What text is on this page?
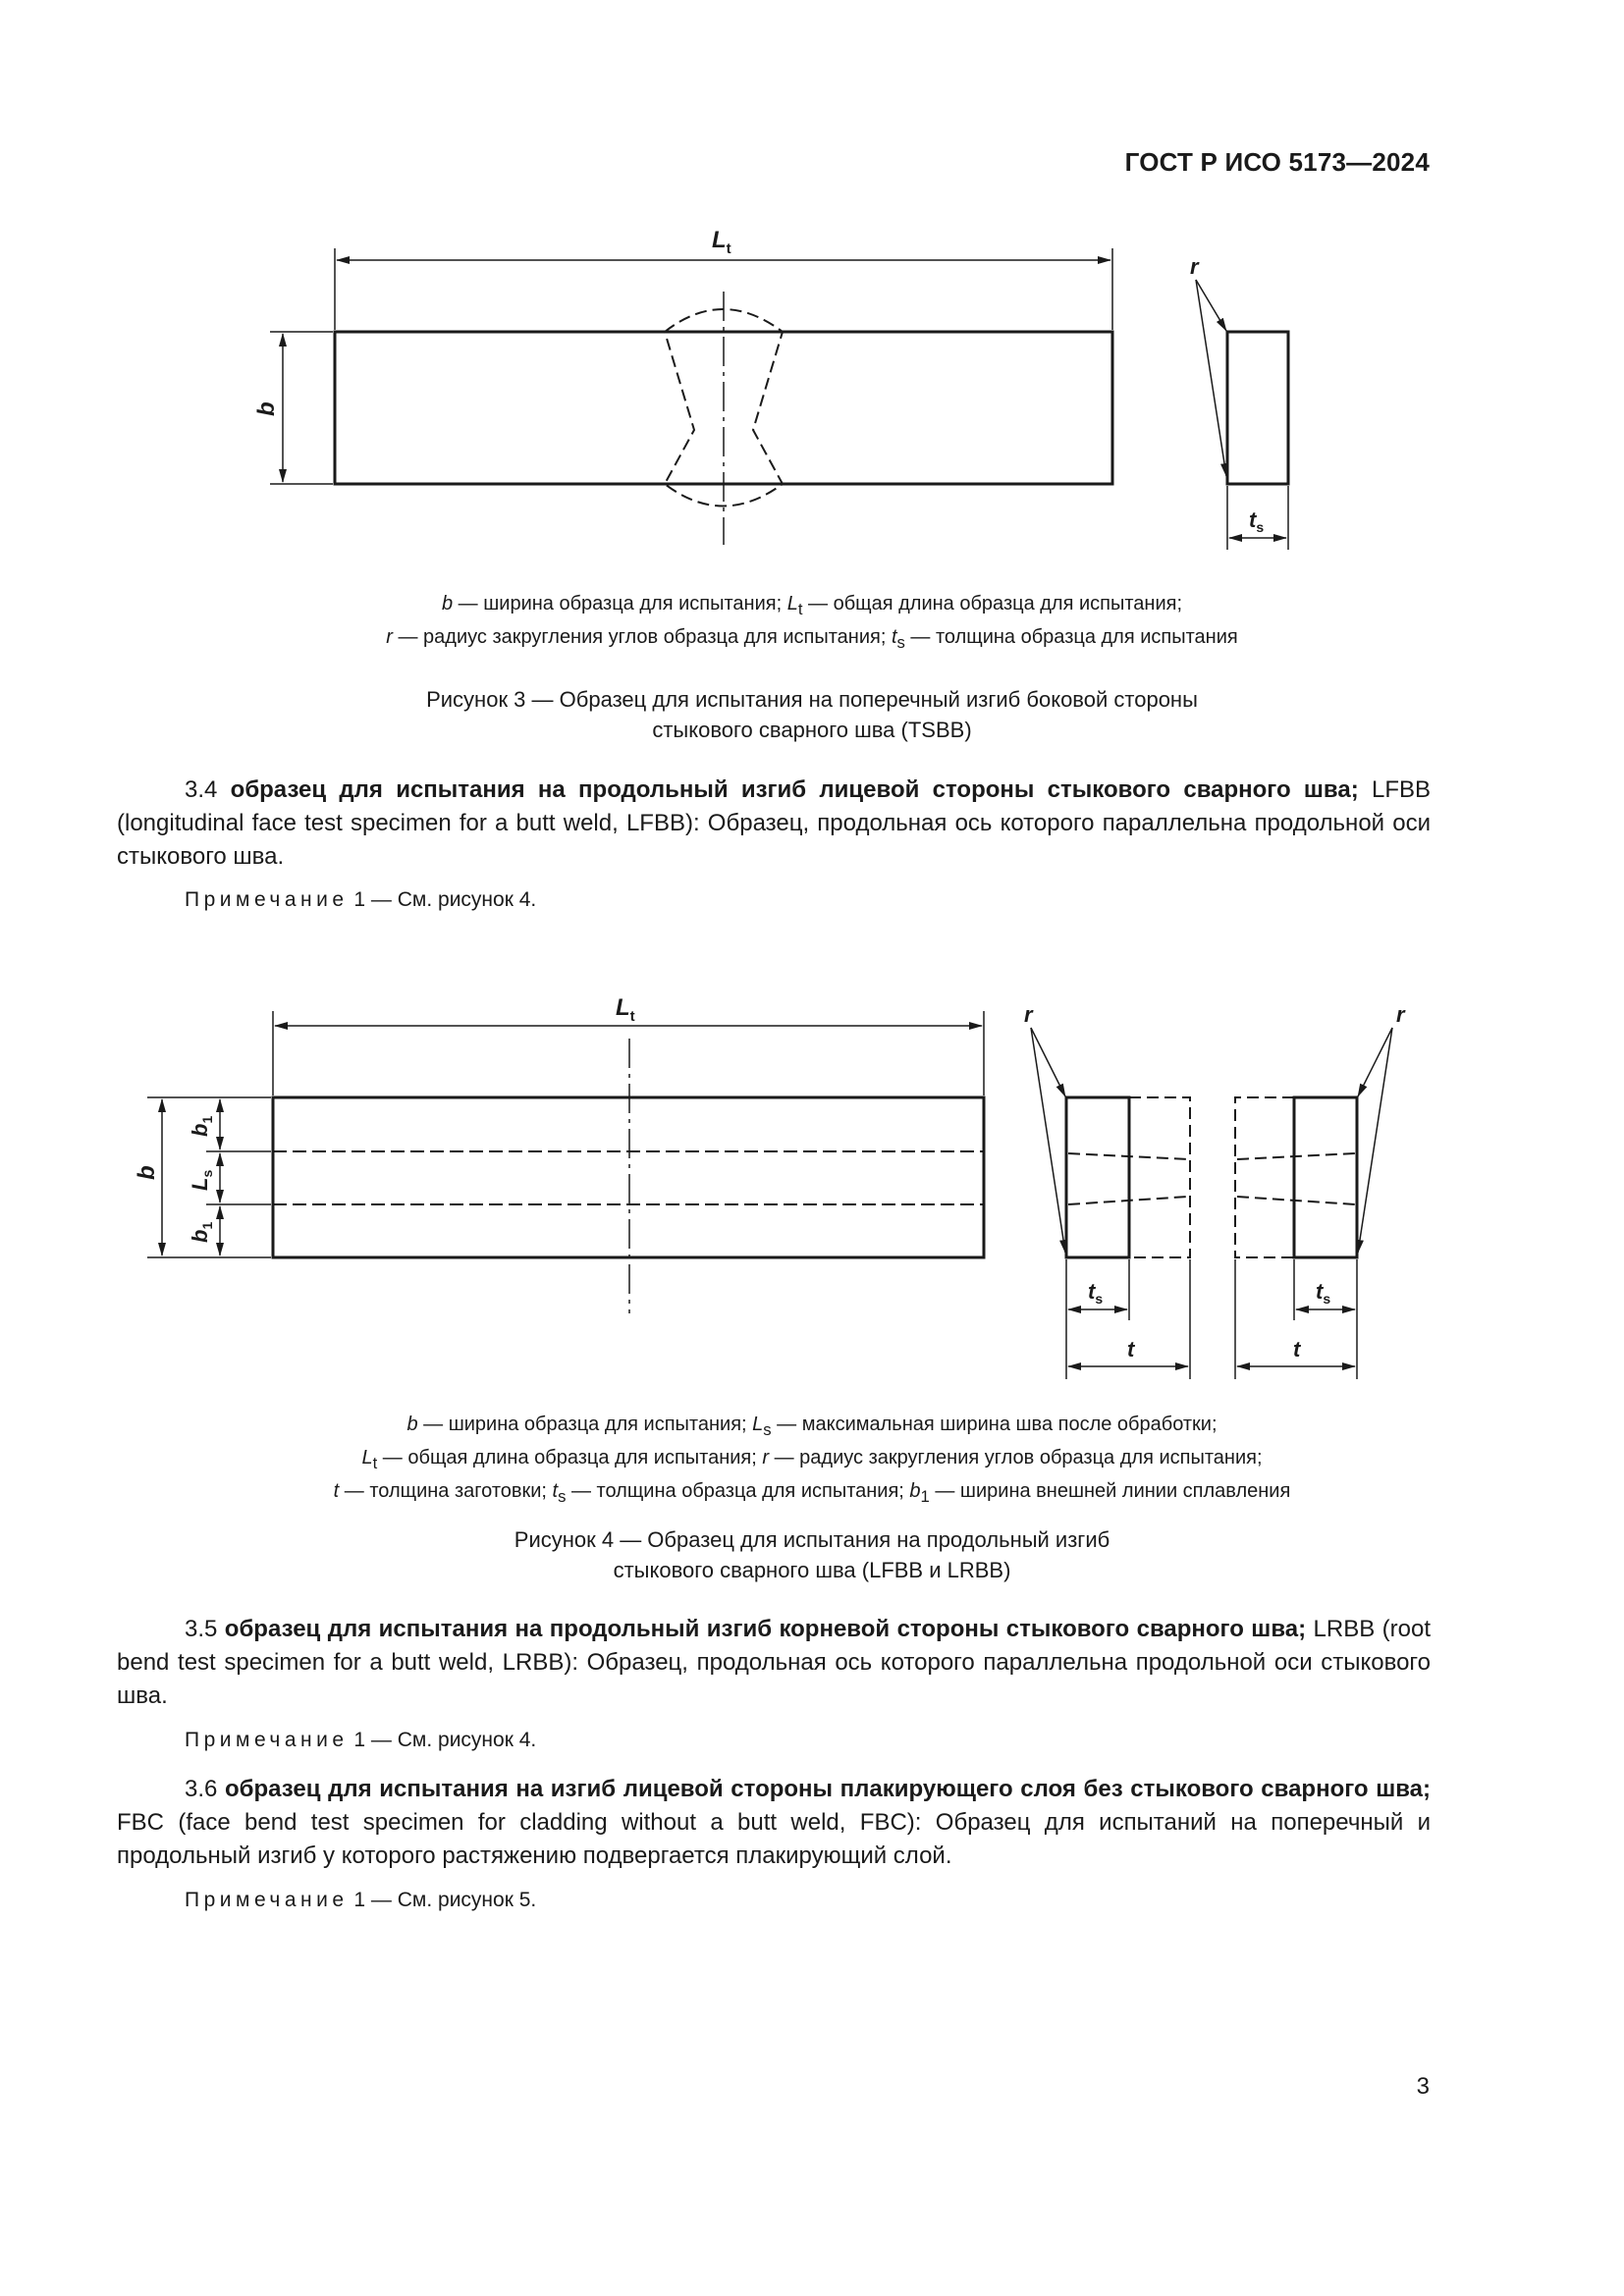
ГОСТ Р ИСО 5173—2024
$L_t$
b
r
$t_s$
b — ширина образца для испытания; $L_t$ — общая длина образца для испытания;
r — радиус закругления углов образца для испытания; $t_s$ — толщина образца для испытания
Рисунок 3 — Образец для испытания на поперечный изгиб боковой стороны
стыкового сварного шва (TSBB)
3.4 образец для испытания на продольный изгиб лицевой стороны стыкового сварного шва; LFBB (longitudinal face test specimen for a butt weld, LFBB): Образец, продольная ось которого параллельна продольной оси стыкового шва.
Примечание 1 — См. рисунок 4.
$L_t$
b
$b_1$
$L_s$
$b_1$
r	r
$t_s$	$t_s$
t	t
b — ширина образца для испытания; $L_s$ — максимальная ширина шва после обработки;
$L_t$ — общая длина образца для испытания; r — радиус закругления углов образца для испытания;
t — толщина заготовки; $t_s$ — толщина образца для испытания; $b_1$ — ширина внешней линии сплавления
Рисунок 4 — Образец для испытания на продольный изгиб
стыкового сварного шва (LFBB и LRBB)
3.5 образец для испытания на продольный изгиб корневой стороны стыкового сварного шва; LRBB (root bend test specimen for a butt weld, LRBB): Образец, продольная ось которого параллельна продольной оси стыкового шва.
Примечание 1 — См. рисунок 4.
3.6 образец для испытания на изгиб лицевой стороны плакирующего слоя без стыкового сварного шва; FBC (face bend test specimen for cladding without a butt weld, FBC): Образец для испытаний на поперечный и продольный изгиб у которого растяжению подвергается плакирующий слой.
Примечание 1 — См. рисунок 5.
3
